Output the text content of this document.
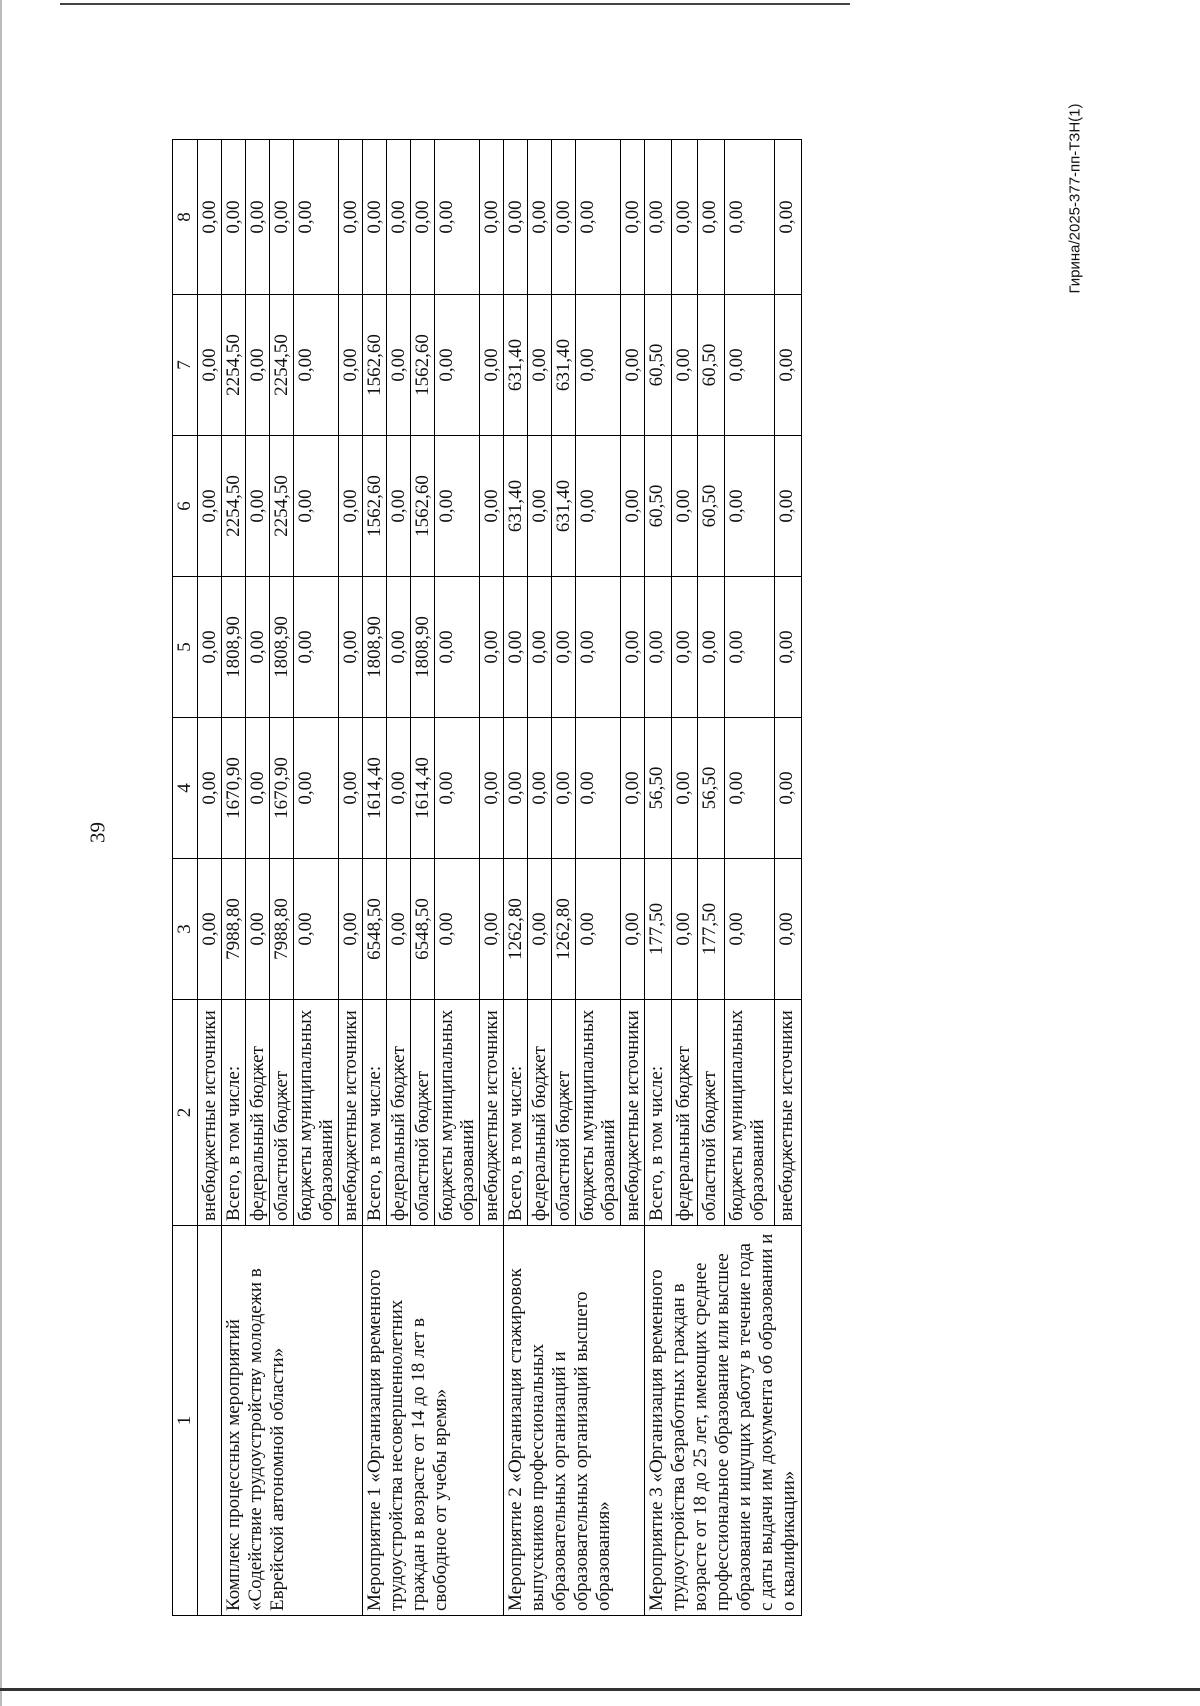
39
Гирина/2025-377-пп-ТЗН(1)
1	2	3	4	5	6	7	8
	внебюджетные источники	0,00	0,00	0,00	0,00	0,00	0,00
Комплекс процессных мероприятий «Содействие трудоустройству молодежи в Еврейской автономной области»	Всего, в том числе:	7988,80	1670,90	1808,90	2254,50	2254,50	0,00
	федеральный бюджет	0,00	0,00	0,00	0,00	0,00	0,00
	областной бюджет	7988,80	1670,90	1808,90	2254,50	2254,50	0,00
	бюджеты муниципальных образований	0,00	0,00	0,00	0,00	0,00	0,00
	внебюджетные источники	0,00	0,00	0,00	0,00	0,00	0,00
Мероприятие 1 «Организация временного трудоустройства несовершеннолетних граждан в возрасте от 14 до 18 лет в свободное от учебы время»	Всего, в том числе:	6548,50	1614,40	1808,90	1562,60	1562,60	0,00
	федеральный бюджет	0,00	0,00	0,00	0,00	0,00	0,00
	областной бюджет	6548,50	1614,40	1808,90	1562,60	1562,60	0,00
	бюджеты муниципальных образований	0,00	0,00	0,00	0,00	0,00	0,00
	внебюджетные источники	0,00	0,00	0,00	0,00	0,00	0,00
Мероприятие 2 «Организация стажировок выпускников профессиональных образовательных организаций и образовательных организаций высшего образования»	Всего, в том числе:	1262,80	0,00	0,00	631,40	631,40	0,00
	федеральный бюджет	0,00	0,00	0,00	0,00	0,00	0,00
	областной бюджет	1262,80	0,00	0,00	631,40	631,40	0,00
	бюджеты муниципальных образований	0,00	0,00	0,00	0,00	0,00	0,00
	внебюджетные источники	0,00	0,00	0,00	0,00	0,00	0,00
Мероприятие 3 «Организация временного трудоустройства безработных граждан в возрасте от 18 до 25 лет, имеющих среднее профессиональное образование или высшее образование и ищущих работу в течение года с даты выдачи им документа об образовании и о квалификации»	Всего, в том числе:	177,50	56,50	0,00	60,50	60,50	0,00
	федеральный бюджет	0,00	0,00	0,00	0,00	0,00	0,00
	областной бюджет	177,50	56,50	0,00	60,50	60,50	0,00
	бюджеты муниципальных образований	0,00	0,00	0,00	0,00	0,00	0,00
	внебюджетные источники	0,00	0,00	0,00	0,00	0,00	0,00
